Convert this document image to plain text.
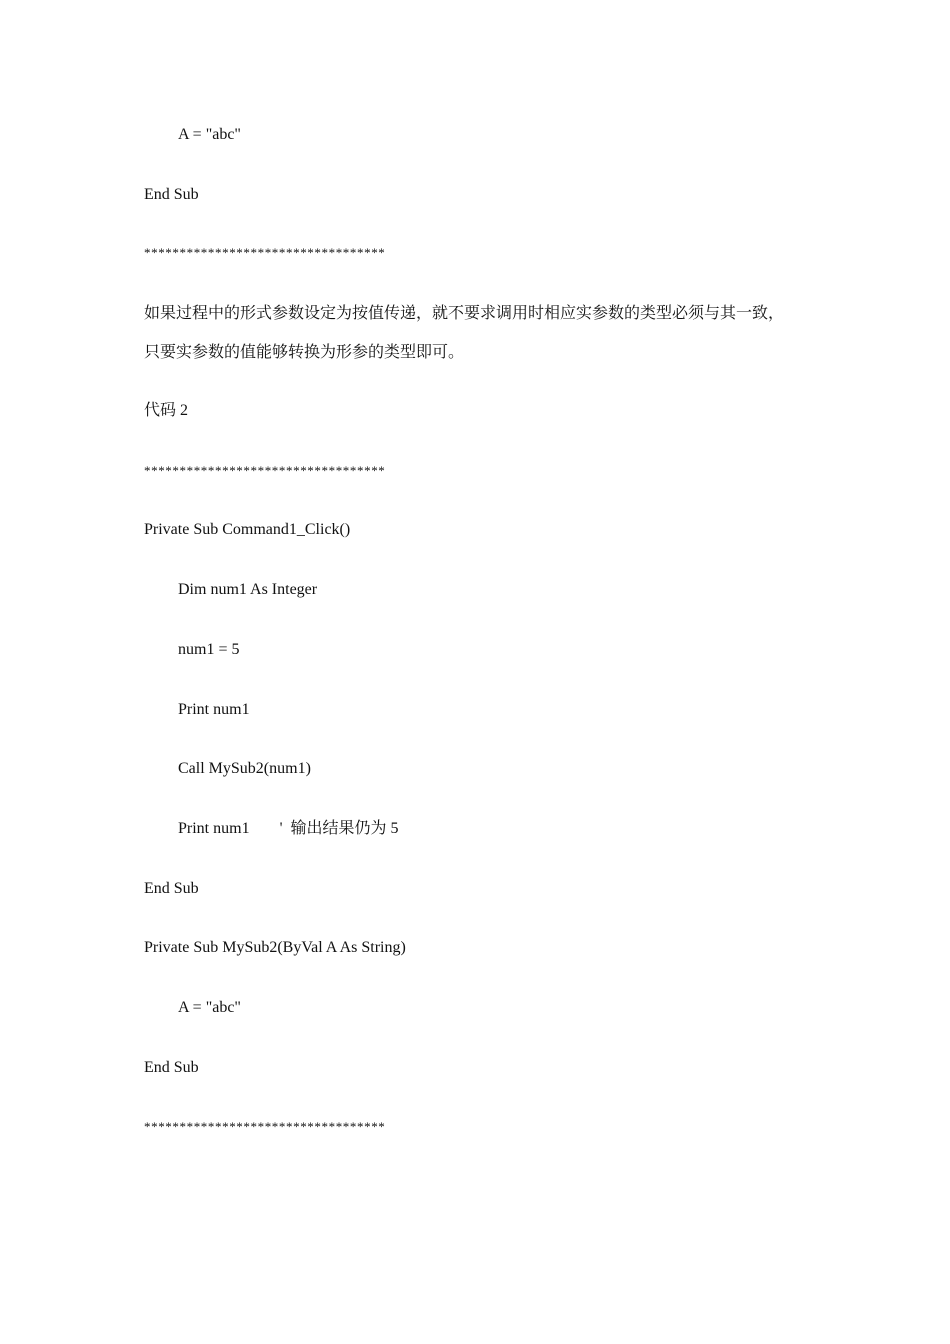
A = "abc"
End Sub
**********************************
如果过程中的形式参数设定为按值传递，就不要求调用时相应实参数的类型必须与其一致，
只要实参数的值能够转换为形参的类型即可。
代码 2
**********************************
Private Sub Command1_Click()
Dim num1 As Integer
num1 = 5
Print num1
Call MySub2(num1)
Print num1 '  输出结果仍为 5
End Sub
Private Sub MySub2(ByVal A As String)
A = "abc"
End Sub
**********************************
